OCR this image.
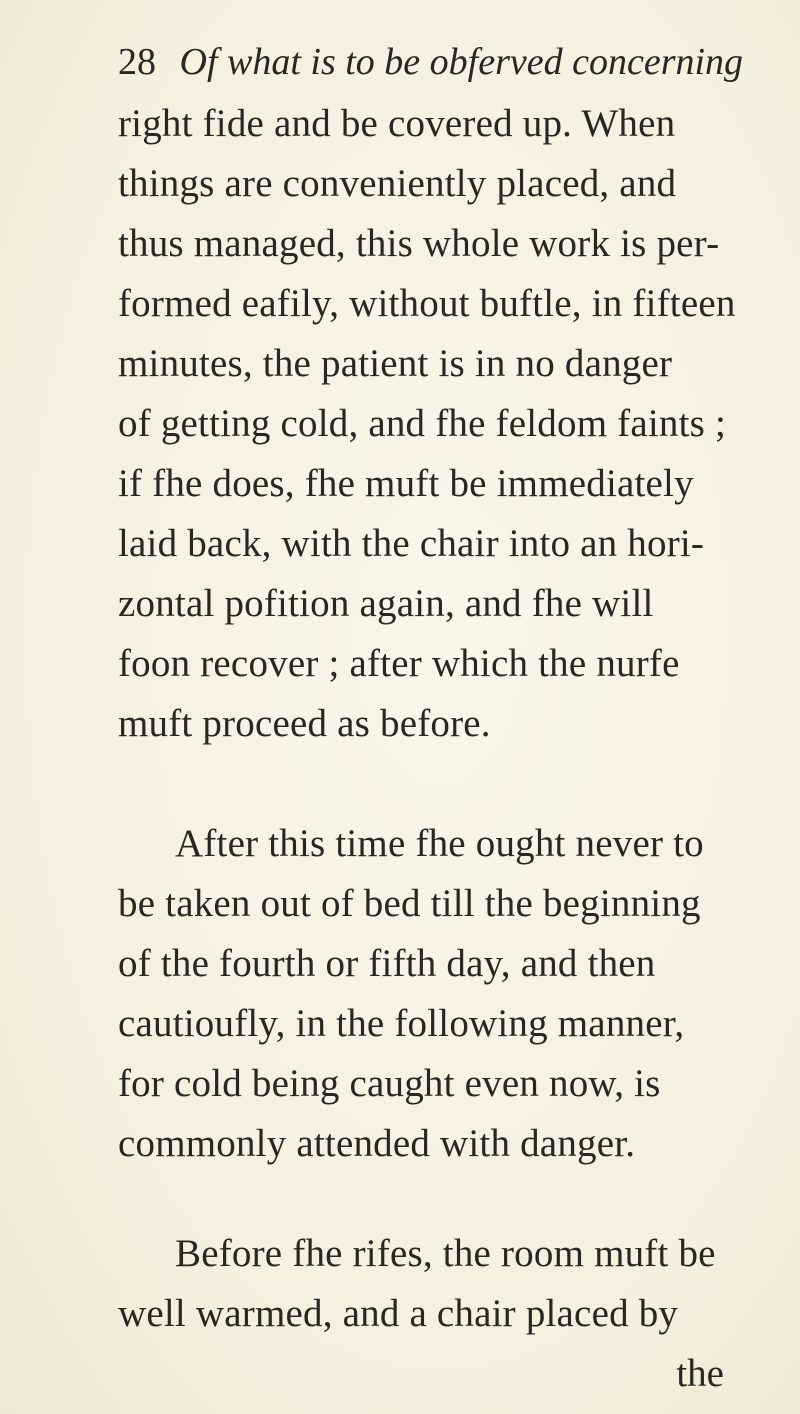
28 Of what is to be obferved concerning
right fide and be covered up. When
things are conveniently placed, and
thus managed, this whole work is per-
formed eafily, without buftle, in fifteen
minutes, the patient is in no danger
of getting cold, and fhe feldom faints ;
if fhe does, fhe muft be immediately
laid back, with the chair into an hori-
zontal pofition again, and fhe will
foon recover ; after which the nurfe
muft proceed as before.
After this time fhe ought never to
be taken out of bed till the beginning
of the fourth or fifth day, and then
cautioufly, in the following manner,
for cold being caught even now, is
commonly attended with danger.
Before fhe rifes, the room muft be
well warmed, and a chair placed by
the
